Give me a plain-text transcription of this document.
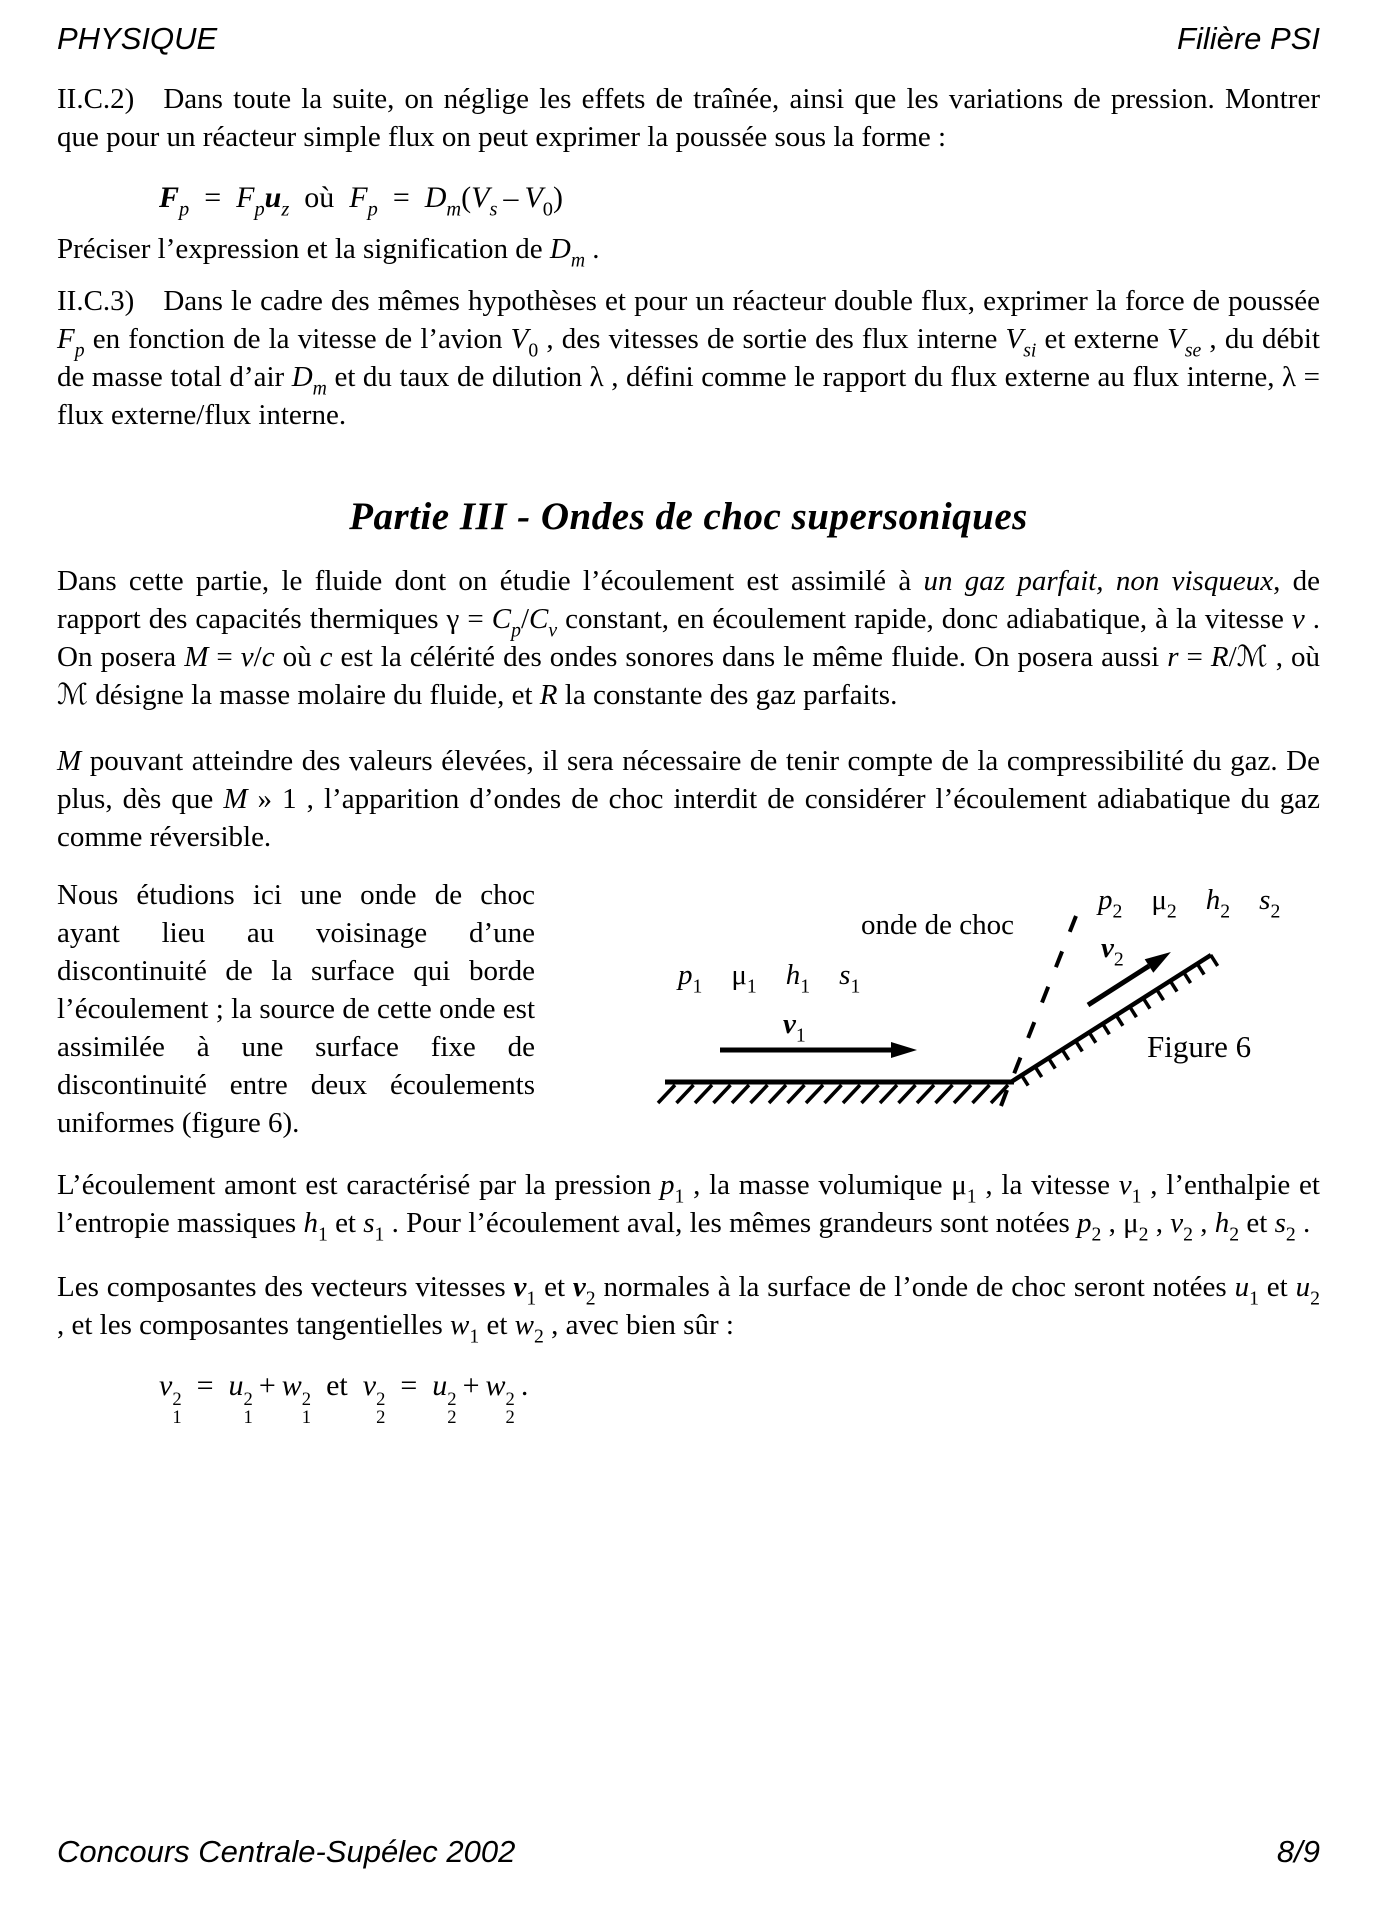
PHYSIQUE	Filière PSI

II.C.2) Dans toute la suite, on néglige les effets de traînée, ainsi que les variations de pression. Montrer que pour un réacteur simple flux on peut exprimer la poussée sous la forme :

$F_p$ = $F_pu_z$ où $F_p$ = $D_m(V_s - V_0)$

Préciser l’expression et la signification de $D_m$ .

II.C.3) Dans le cadre des mêmes hypothèses et pour un réacteur double flux, exprimer la force de poussée $F_p$ en fonction de la vitesse de l’avion $V_0$ , des vitesses de sortie des flux interne $V_{si}$ et externe $V_{se}$ , du débit de masse total d’air $D_m$ et du taux de dilution λ , défini comme le rapport du flux externe au flux interne, λ = flux externe/flux interne.

Partie III - Ondes de choc supersoniques

Dans cette partie, le fluide dont on étudie l’écoulement est assimilé à un gaz parfait, non visqueux, de rapport des capacités thermiques $\gamma = C_p/C_v$ constant, en écoulement rapide, donc adiabatique, à la vitesse v . On posera M = v/c où c est la célérité des ondes sonores dans le même fluide. On posera aussi r = R/ℳ , où ℳ désigne la masse molaire du fluide, et R la constante des gaz parfaits.

M pouvant atteindre des valeurs élevées, il sera nécessaire de tenir compte de la compressibilité du gaz. De plus, dès que M » 1 , l’apparition d’ondes de choc interdit de considérer l’écoulement adiabatique du gaz comme réversible.

Nous étudions ici une onde de choc ayant lieu au voisinage d’une discontinuité de la surface qui borde l’écoulement ; la source de cette onde est assimilée à une surface fixe de discontinuité entre deux écoulements uniformes (figure 6).

onde de choc
$p_2$   $\mu_2$   $h_2$   $s_2$
$p_1$   $\mu_1$   $h_1$   $s_1$
$v_2$
$v_1$	Figure 6

L’écoulement amont est caractérisé par la pression $p_1$ , la masse volumique $\mu_1$ , la vitesse $v_1$ , l’enthalpie et l’entropie massiques $h_1$ et $s_1$ . Pour l’écoulement aval, les mêmes grandeurs sont notées $p_2$ , $\mu_2$ , $v_2$ , $h_2$ et $s_2$ .

Les composantes des vecteurs vitesses $v_1$ et $v_2$ normales à la surface de l’onde de choc seront notées $u_1$ et $u_2$ , et les composantes tangentielles $w_1$ et $w_2$ , avec bien sûr :

v 2
1
 = u 2
1
 + w 2
1
 et v 2
2
 = u 2
2
 + w 2
2
 .
Concours Centrale-Supélec 2002	8/9
